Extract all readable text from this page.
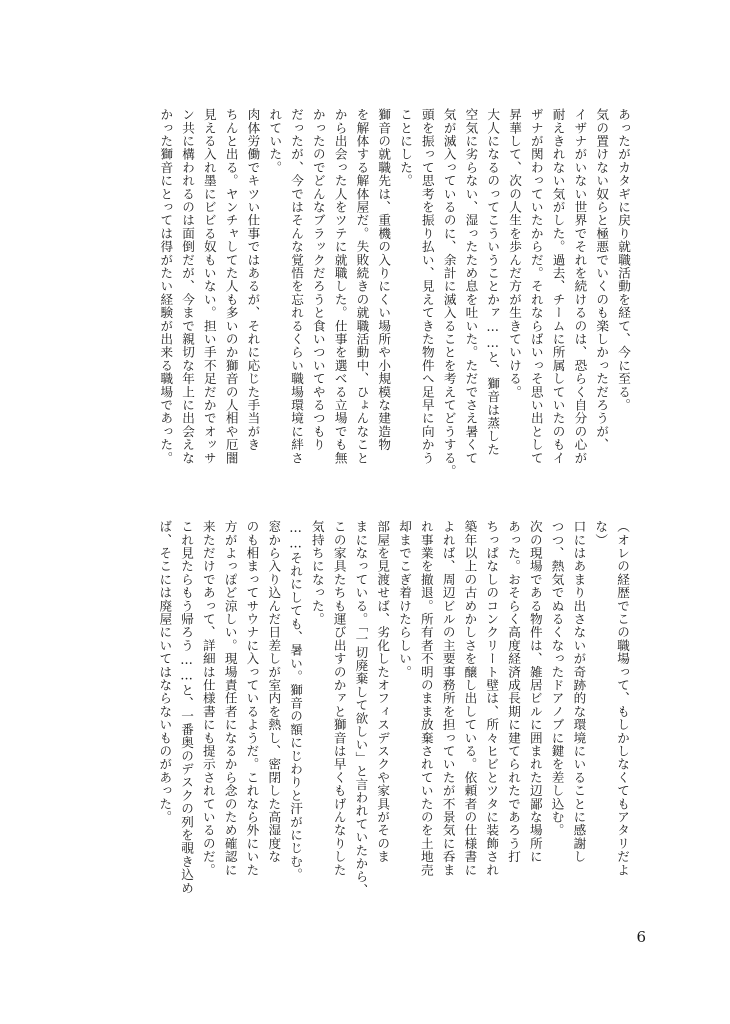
あったがカタギに戻り就職活動を経て、今に至る。

気の置けない奴らと極悪でいくのも楽しかっただろうが、

イザナがいない世界でそれを続けるのは、恐らく自分の心が

耐えきれない気がした。過去、チームに所属していたのもイ

ザナが関わっていたからだ。それならばいっそ思い出として

昇華して、次の人生を歩んだ方が生きていける。

大人になるのってこういうことかァ……と、獅音は蒸した

空気に劣らない、湿ったため息を吐いた。ただでさえ暑くて

気が滅入っているのに、余計に滅入ることを考えてどうする。

頭を振って思考を振り払い、見えてきた物件へ足早に向かう

ことにした。

獅音の就職先は、重機の入りにくい場所や小規模な建造物

を解体する解体屋だ。失敗続きの就職活動中、ひょんなこと

から出会った人をツテに就職した。仕事を選べる立場でも無

かったのでどんなブラックだろうと食いついてやるつもり

だったが、今ではそんな覚悟を忘れるくらい職場環境に絆さ

れていた。

肉体労働でキツい仕事ではあるが、それに応じた手当がき

ちんと出る。ヤンチャしてた人も多いのか獅音の人相や厄闇

見える入れ墨にビビる奴もいない。担い手不足だかでオッサ

ン共に構われるのは面倒だが、今まで親切な年上に出会えな

かった獅音にとっては得がたい経験が出来る職場であった。

（オレの経歴でこの職場って、もしかしなくてもアタリだよ

な）

口にはあまり出さないが奇跡的な環境にいることに感謝し

つつ、熱気でぬるくなったドアノブに鍵を差し込む。

次の現場である物件は、雑居ビルに囲まれた辺鄙な場所に

あった。おそらく高度経済成長期に建てられたであろう打

ちっぱなしのコンクリート壁は、所々ヒビとツタに装飾され

築年以上の古めかしさを醸し出している。依頼者の仕様書に

よれば、周辺ビルの主要事務所を担っていたが不景気に呑ま

れ事業を撤退。所有者不明のまま放棄されていたのを土地売

却までこぎ着けたらしい。

部屋を見渡せば、劣化したオフィスデスクや家具がそのま

まになっている。「一切廃棄して欲しい」と言われていたから、

この家具たちも運び出すのかァと獅音は早くもげんなりした

気持ちになった。

……それにしても、暑い。獅音の額にじわりと汗がにじむ。

窓から入り込んだ日差しが室内を熱し、密閉した高湿度な

のも相まってサウナに入っているようだ。これなら外にいた

方がよっぽど涼しい。現場責任者になるから念のため確認に

来ただけであって、詳細は仕様書にも提示されているのだ。

これ見たらもう帰ろう……と、一番奥のデスクの列を覗き込め

ば、そこには廃屋にいてはならないものがあった。

6
